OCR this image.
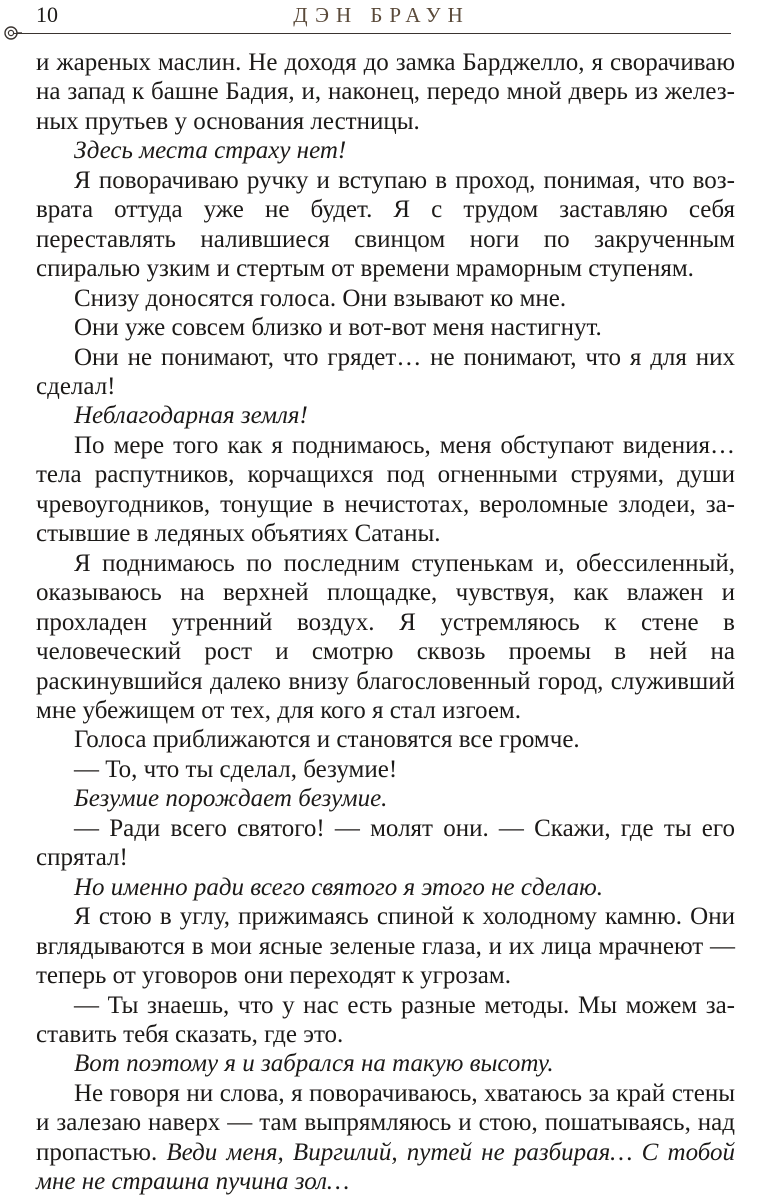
10	ДЭН БРАУН

и жареных маслин. Не доходя до замка Барджелло, я сворачиваю на запад к башне Бадия, и, наконец, передо мной дверь из железных прутьев у основания лестницы.

Здесь места страху нет!

Я поворачиваю ручку и вступаю в проход, понимая, что возврата оттуда уже не будет. Я с трудом заставляю себя переставлять налившиеся свинцом ноги по закрученным спиралью узким и стертым от времени мраморным ступеням.

Снизу доносятся голоса. Они взывают ко мне.

Они уже совсем близко и вот-вот меня настигнут.

Они не понимают, что грядет… не понимают, что я для них сделал!

Неблагодарная земля!

По мере того как я поднимаюсь, меня обступают видения… тела распутников, корчащихся под огненными струями, души чревоугодников, тонущие в нечистотах, вероломные злодеи, застывшие в ледяных объятиях Сатаны.

Я поднимаюсь по последним ступенькам и, обессиленный, оказываюсь на верхней площадке, чувствуя, как влажен и прохладен утренний воздух. Я устремляюсь к стене в человеческий рост и смотрю сквозь проемы в ней на раскинувшийся далеко внизу благословенный город, служивший мне убежищем от тех, для кого я стал изгоем.

Голоса приближаются и становятся все громче.

— То, что ты сделал, безумие!

Безумие порождает безумие.

— Ради всего святого! — молят они. — Скажи, где ты его спрятал!

Но именно ради всего святого я этого не сделаю.

Я стою в углу, прижимаясь спиной к холодному камню. Они вглядываются в мои ясные зеленые глаза, и их лица мрачнеют — теперь от уговоров они переходят к угрозам.

— Ты знаешь, что у нас есть разные методы. Мы можем заставить тебя сказать, где это.

Вот поэтому я и забрался на такую высоту.

Не говоря ни слова, я поворачиваюсь, хватаюсь за край стены и залезаю наверх — там выпрямляюсь и стою, пошатываясь, над пропастью. Веди меня, Виргилий, путей не разбирая… С тобой мне не страшна пучина зол…
